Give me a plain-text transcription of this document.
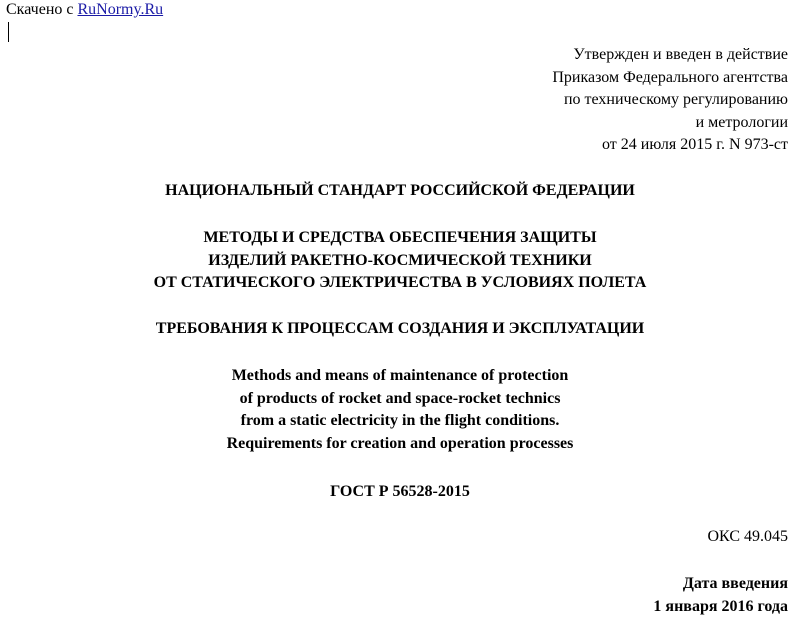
Скачено с RuNormy.Ru
Утвержден и введен в действие
Приказом Федерального агентства
по техническому регулированию
и метрологии
от 24 июля 2015 г. N 973-ст
НАЦИОНАЛЬНЫЙ СТАНДАРТ РОССИЙСКОЙ ФЕДЕРАЦИИ
МЕТОДЫ И СРЕДСТВА ОБЕСПЕЧЕНИЯ ЗАЩИТЫ
ИЗДЕЛИЙ РАКЕТНО-КОСМИЧЕСКОЙ ТЕХНИКИ
ОТ СТАТИЧЕСКОГО ЭЛЕКТРИЧЕСТВА В УСЛОВИЯХ ПОЛЕТА
ТРЕБОВАНИЯ К ПРОЦЕССАМ СОЗДАНИЯ И ЭКСПЛУАТАЦИИ
Methods and means of maintenance of protection
of products of rocket and space-rocket technics
from a static electricity in the flight conditions.
Requirements for creation and operation processes
ГОСТ Р 56528-2015
ОКС 49.045
Дата введения
1 января 2016 года
